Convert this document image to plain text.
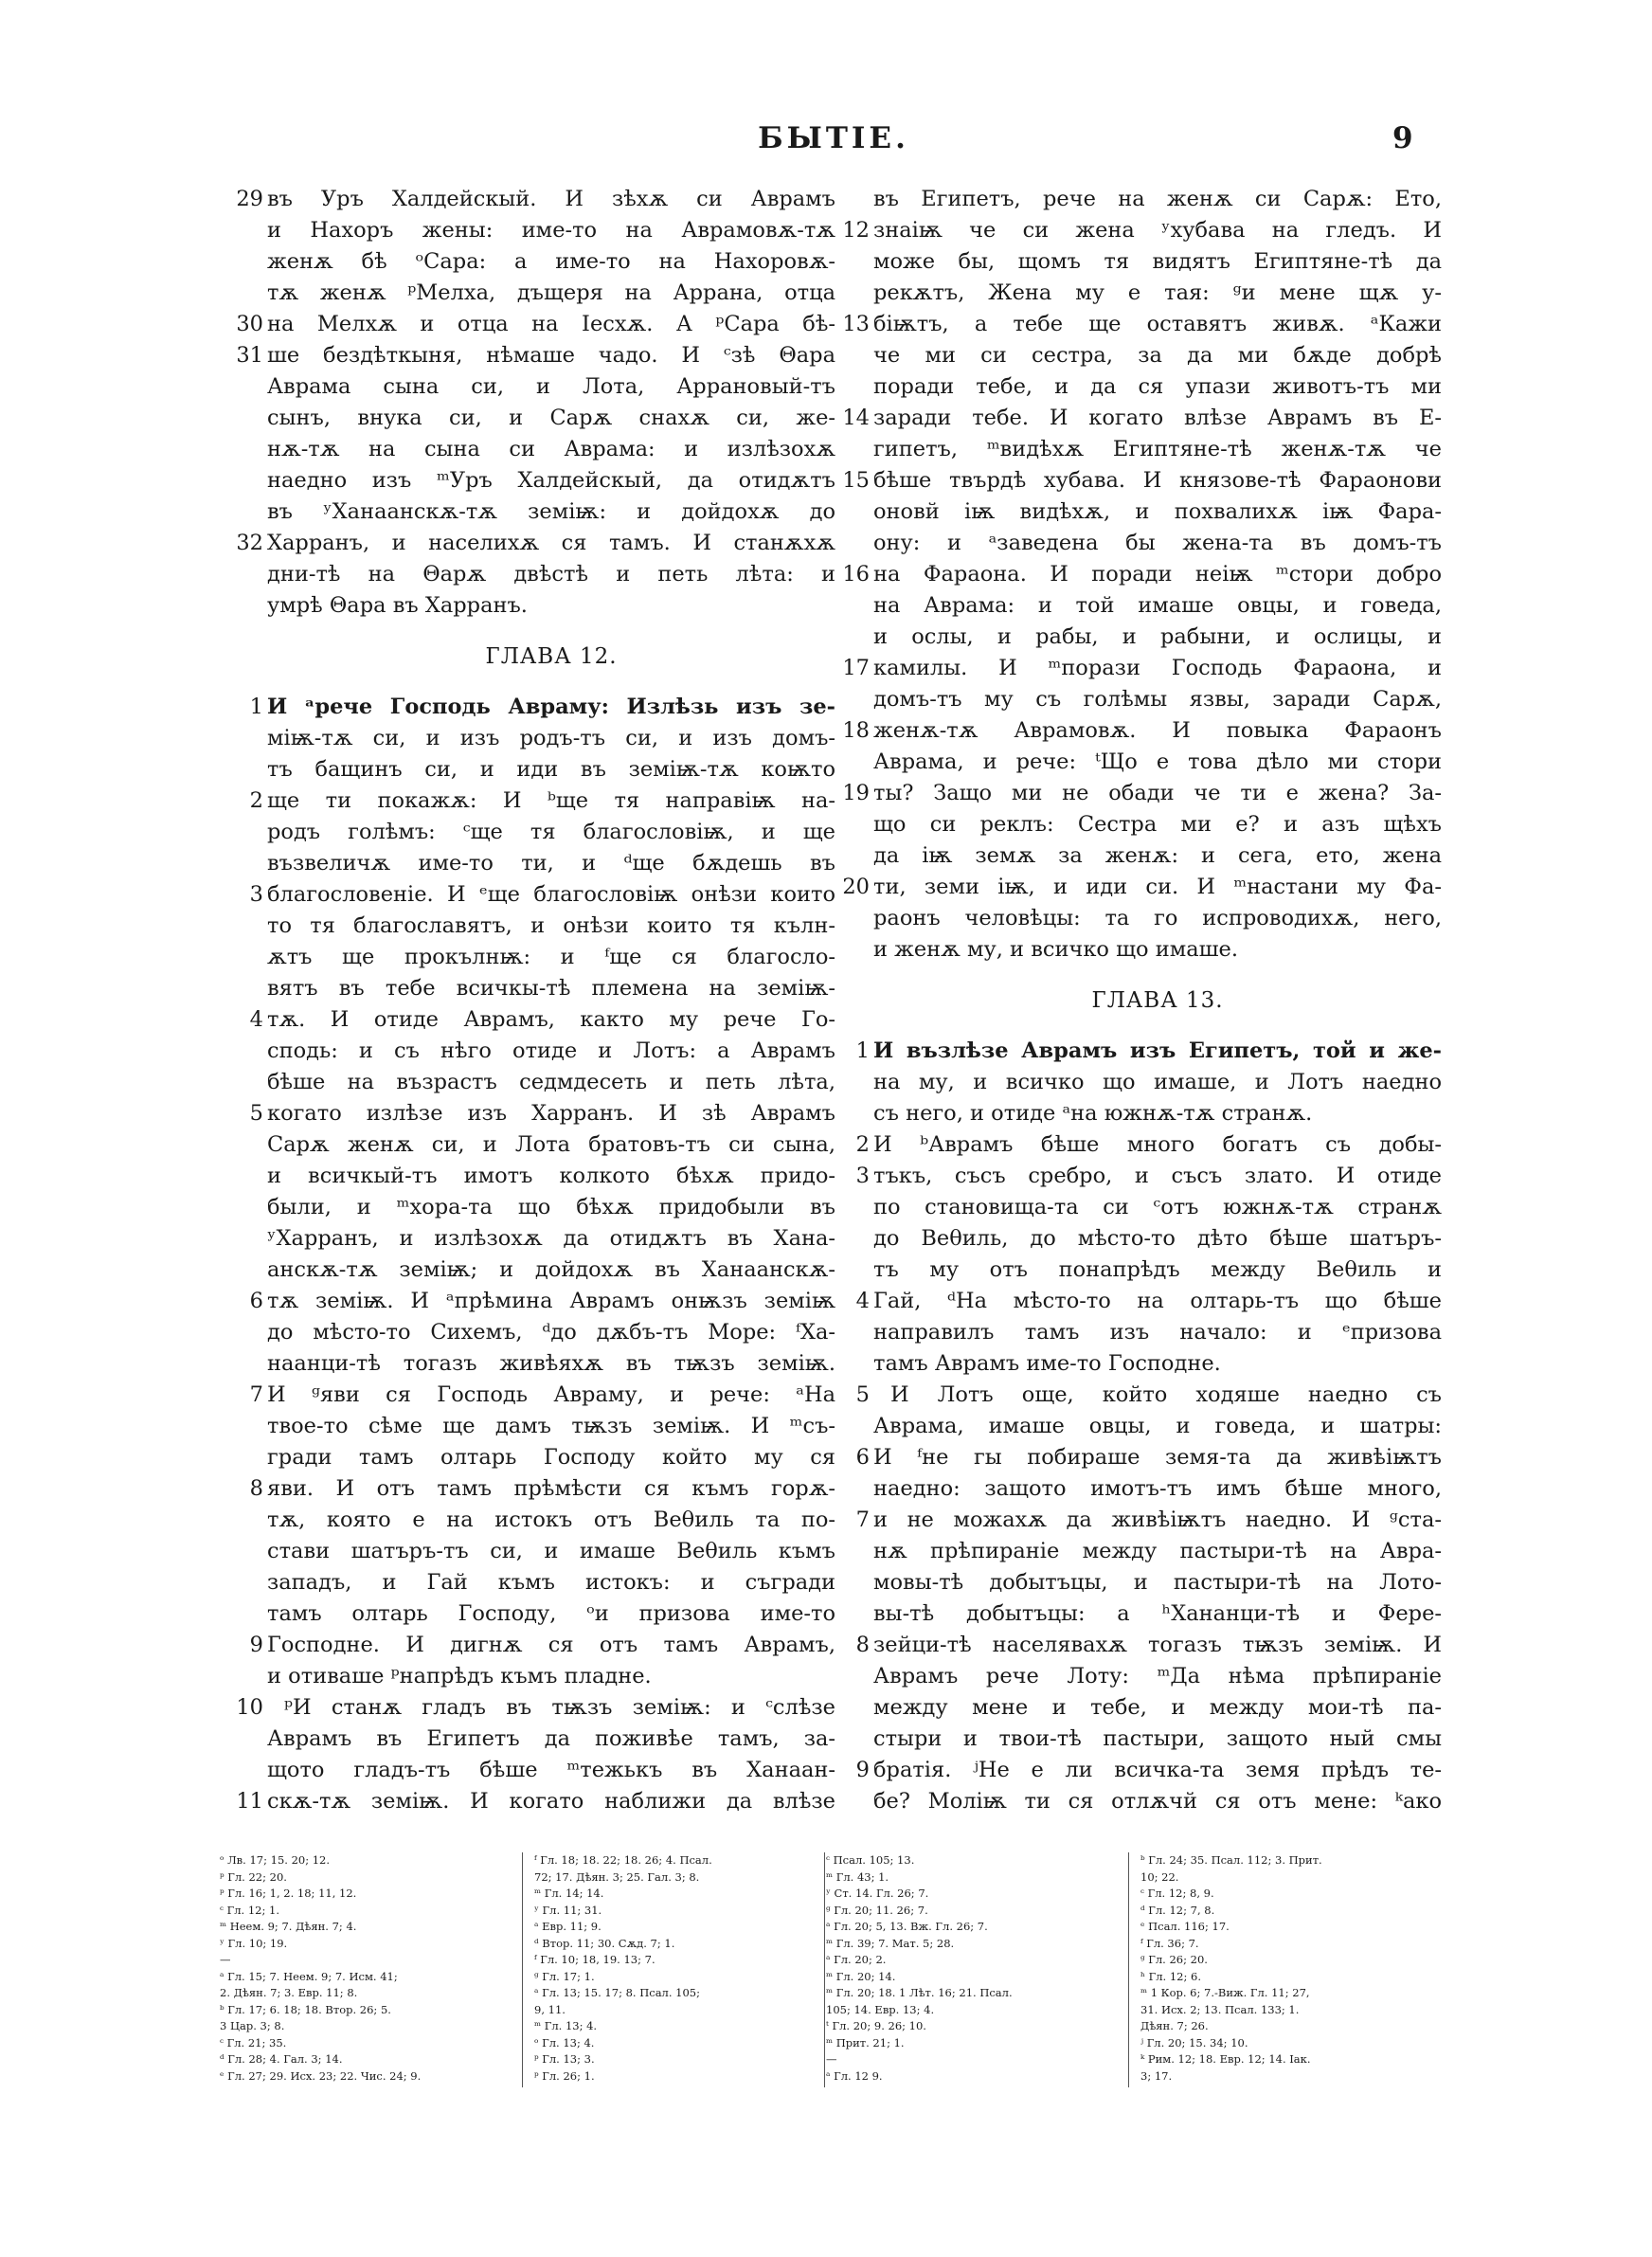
БЫТІЕ.	9
29 въ Уръ Халдейскый. И зѣхѫ си Аврамъ
и Нахоръ жены: име-то на Аврамовѫ-тѫ
женѫ бѣ ᵒСара: а име-то на Нахоровѫ-
тѫ женѫ ᵖМелха, дъщеря на Аррана, отца
30 на Мелхѫ и отца на Іесхѫ. А ᵖСара бѣ-
31 ше бездѣткыня, нѣмаше чадо. И ᶜзѣ Θара
Аврама сына си, и Лота, Аррановый-тъ
сынъ, внука си, и Сарѫ снахѫ си, же-
нѫ-тѫ на сына си Аврама: и излѣзохѫ
наедно изъ ᵐУръ Халдейскый, да отидѫтъ
въ ʸХанаанскѫ-тѫ земіѭ: и дойдохѫ до
32 Харранъ, и населихѫ ся тамъ. И станѫхѫ
дни-тѣ на Θарѫ двѣстѣ и петь лѣта: и
умрѣ Θара въ Харранъ.
ГЛАВА 12.
1 И ᵃрече Господь Авраму: Излѣзь изъ зе-
міѭ-тѫ си, и изъ родъ-тъ си, и изъ домъ-
тъ бащинъ си, и иди въ земіѭ-тѫ коѭто
2 ще ти покажѫ: И ᵇще тя направіѭ на-
родъ голѣмъ: ᶜще тя благословіѭ, и ще
възвеличѫ име-то ти, и ᵈще бѫдешь въ
3 благословеніе. И ᵉще благословіѭ онѣзи които
то тя благославятъ, и онѣзи които тя кълн-
ѫтъ ще прокълнѭ: и ᶠще ся благосло-
вятъ въ тебе всичкы-тѣ племена на земіѭ-
4 тѫ. И отиде Аврамъ, както му рече Го-
сподь: и съ нѣго отиде и Лотъ: а Аврамъ
бѣше на възрастъ седмдесеть и петь лѣта,
5 когато излѣзе изъ Харранъ. И зѣ Аврамъ
Сарѫ женѫ си, и Лота братовъ-тъ си сына,
и всичкый-тъ имотъ колкото бѣхѫ придо-
были, и ᵐхора-та що бѣхѫ придобыли въ
ʸХарранъ, и излѣзохѫ да отидѫтъ въ Хана-
анскѫ-тѫ земіѭ; и дойдохѫ въ Ханаанскѫ-
6 тѫ земіѭ. И ᵃпрѣмина Аврамъ онѭзъ земіѭ
до мѣсто-то Сихемъ, ᵈдо дѫбъ-тъ Море: ᶠХа-
наанци-тѣ тогазъ живѣяхѫ въ тѭзъ земіѭ.
7 И ᵍяви ся Господь Авраму, и рече: ᵃНа
твое-то сѣме ще дамъ тѭзъ земіѭ. И ᵐсъ-
гради тамъ олтарь Господу който му ся
8 яви. И отъ тамъ прѣмѣсти ся къмъ горѫ-
тѫ, която е на истокъ отъ Веθиль та по-
стави шатъръ-тъ си, и имаше Веθиль къмъ
западъ, и Гай къмъ истокъ: и съгради
тамъ олтарь Господу, ᵒи призова име-то
9 Господне. И дигнѫ ся отъ тамъ Аврамъ,
и отиваше ᵖнапрѣдъ къмъ пладне.
10 ᵖИ станѫ гладъ въ тѭзъ земіѭ: и ᶜслѣзе
Аврамъ въ Египетъ да поживѣе тамъ, за-
щото гладъ-тъ бѣше ᵐтежькъ въ Ханаан-
11 скѫ-тѫ земіѭ. И когато наближи да влѣзе
въ Египетъ, рече на женѫ си Сарѫ: Ето,
12 знаіѭ че си жена ʸхубава на гледъ. И
може бы, щомъ тя видятъ Египтяне-тѣ да
рекѫтъ, Жена му е тая: ᵍи мене щѫ у-
13 біѭтъ, а тебе ще оставятъ живѫ. ᵃКажи
че ми си сестра, за да ми бѫде добрѣ
поради тебе, и да ся упази животъ-тъ ми
14 заради тебе. И когато влѣзе Аврамъ въ Е-
гипетъ, ᵐвидѣхѫ Египтяне-тѣ женѫ-тѫ че
15 бѣше твърдѣ хубава. И князове-тѣ Фараонови
оновй іѭ видѣхѫ, и похвалихѫ іѭ Фара-
ону: и ᵃзаведена бы жена-та въ домъ-тъ
16 на Фараона. И поради неіѭ ᵐстори добро
на Аврама: и той имаше овцы, и говеда,
и ослы, и рабы, и рабыни, и ослицы, и
17 камилы. И ᵐпорази Господь Фараона, и
домъ-тъ му съ голѣмы язвы, заради Сарѫ,
18 женѫ-тѫ Аврамовѫ. И повыка Фараонъ
Аврама, и рече: ᵗЩо е това дѣло ми стори
19 ты? Защо ми не обади че ти е жена? За-
що си реклъ: Сестра ми е? и азъ щѣхъ
да іѭ земѫ за женѫ: и сега, ето, жена
20 ти, земи іѭ, и иди си. И ᵐнастани му Фа-
раонъ человѣцы: та го испроводихѫ, него,
и женѫ му, и всичко що имаше.
ГЛАВА 13.
1 И възлѣзе Аврамъ изъ Египетъ, той и же-
на му, и всичко що имаше, и Лотъ наедно
съ него, и отиде ᵃна южнѫ-тѫ странѫ.
2 И ᵇАврамъ бѣше много богатъ съ добы-
3 тъкъ, съсъ сребро, и съсъ злато. И отиде
по становища-та си ᶜотъ южнѫ-тѫ странѫ
до Веθиль, до мѣсто-то дѣто бѣше шатъръ-
тъ му отъ понапрѣдъ между Веθиль и
4 Гай, ᵈНа мѣсто-то на олтарь-тъ що бѣше
направилъ тамъ изъ начало: и ᵉпризова
тамъ Аврамъ име-то Господне.
5 И Лотъ още, който ходяше наедно съ
Аврама, имаше овцы, и говеда, и шатры:
6 И ᶠне гы побираше земя-та да живѣіѭтъ
наедно: защото имотъ-тъ имъ бѣше много,
7 и не можахѫ да живѣіѭтъ наедно. И ᵍста-
нѫ прѣпираніе между пастыри-тѣ на Авра-
мовы-тѣ добытъцы, и пастыри-тѣ на Лото-
вы-тѣ добытъцы: а ʰХананци-тѣ и Фере-
8 зейци-тѣ населявахѫ тогазъ тѭзъ земіѭ. И
Аврамъ рече Лоту: ᵐДа нѣма прѣпираніе
между мене и тебе, и между мои-тѣ па-
стыри и твои-тѣ пастыри, защото ный смы
9 братія. ʲНе е ли всичка-та земя прѣдъ те-
бе? Моліѭ ти ся отлѫчй ся отъ мене: ᵏако
ᵒ Лв. 17; 15. 20; 12.
ᵖ Гл. 22; 20.
ᵖ Гл. 16; 1, 2. 18; 11, 12.
ᶜ Гл. 12; 1.
ᵐ Неем. 9; 7. Дѣян. 7; 4.
ʸ Гл. 10; 19.
—
ᵃ Гл. 15; 7. Неем. 9; 7. Исм. 41;
2. Дѣян. 7; 3. Евр. 11; 8.
ᵇ Гл. 17; 6. 18; 18. Втор. 26; 5.
3 Цар. 3; 8.
ᶜ Гл. 21; 35.
ᵈ Гл. 28; 4. Гал. 3; 14.
ᵉ Гл. 27; 29. Исх. 23; 22. Чис. 24; 9.
ᶠ Гл. 18; 18. 22; 18. 26; 4. Псал.
72; 17. Дѣян. 3; 25. Гал. 3; 8.
ᵐ Гл. 14; 14.
ʸ Гл. 11; 31.
ᵃ Евр. 11; 9.
ᵈ Втор. 11; 30. Сѫд. 7; 1.
ᶠ Гл. 10; 18, 19. 13; 7.
ᵍ Гл. 17; 1.
ᵃ Гл. 13; 15. 17; 8. Псал. 105;
9, 11.
ᵐ Гл. 13; 4.
ᵒ Гл. 13; 4.
ᵖ Гл. 13; 3.
ᵖ Гл. 26; 1.
ᶜ Псал. 105; 13.
ᵐ Гл. 43; 1.
ʸ Ст. 14. Гл. 26; 7.
ᵍ Гл. 20; 11. 26; 7.
ᵃ Гл. 20; 5, 13. Вж. Гл. 26; 7.
ᵐ Гл. 39; 7. Мат. 5; 28.
ᵃ Гл. 20; 2.
ᵐ Гл. 20; 14.
ᵐ Гл. 20; 18. 1 Лѣт. 16; 21. Псал.
105; 14. Евр. 13; 4.
ᵗ Гл. 20; 9. 26; 10.
ᵐ Прит. 21; 1.
—
ᵃ Гл. 12 9.
ᵇ Гл. 24; 35. Псал. 112; 3. Прит.
10; 22.
ᶜ Гл. 12; 8, 9.
ᵈ Гл. 12; 7, 8.
ᵉ Псал. 116; 17.
ᶠ Гл. 36; 7.
ᵍ Гл. 26; 20.
ʰ Гл. 12; 6.
ᵐ 1 Кор. 6; 7.-Виж. Гл. 11; 27,
31. Исх. 2; 13. Псал. 133; 1.
Дѣян. 7; 26.
ʲ Гл. 20; 15. 34; 10.
ᵏ Рим. 12; 18. Евр. 12; 14. Іак.
3; 17.
